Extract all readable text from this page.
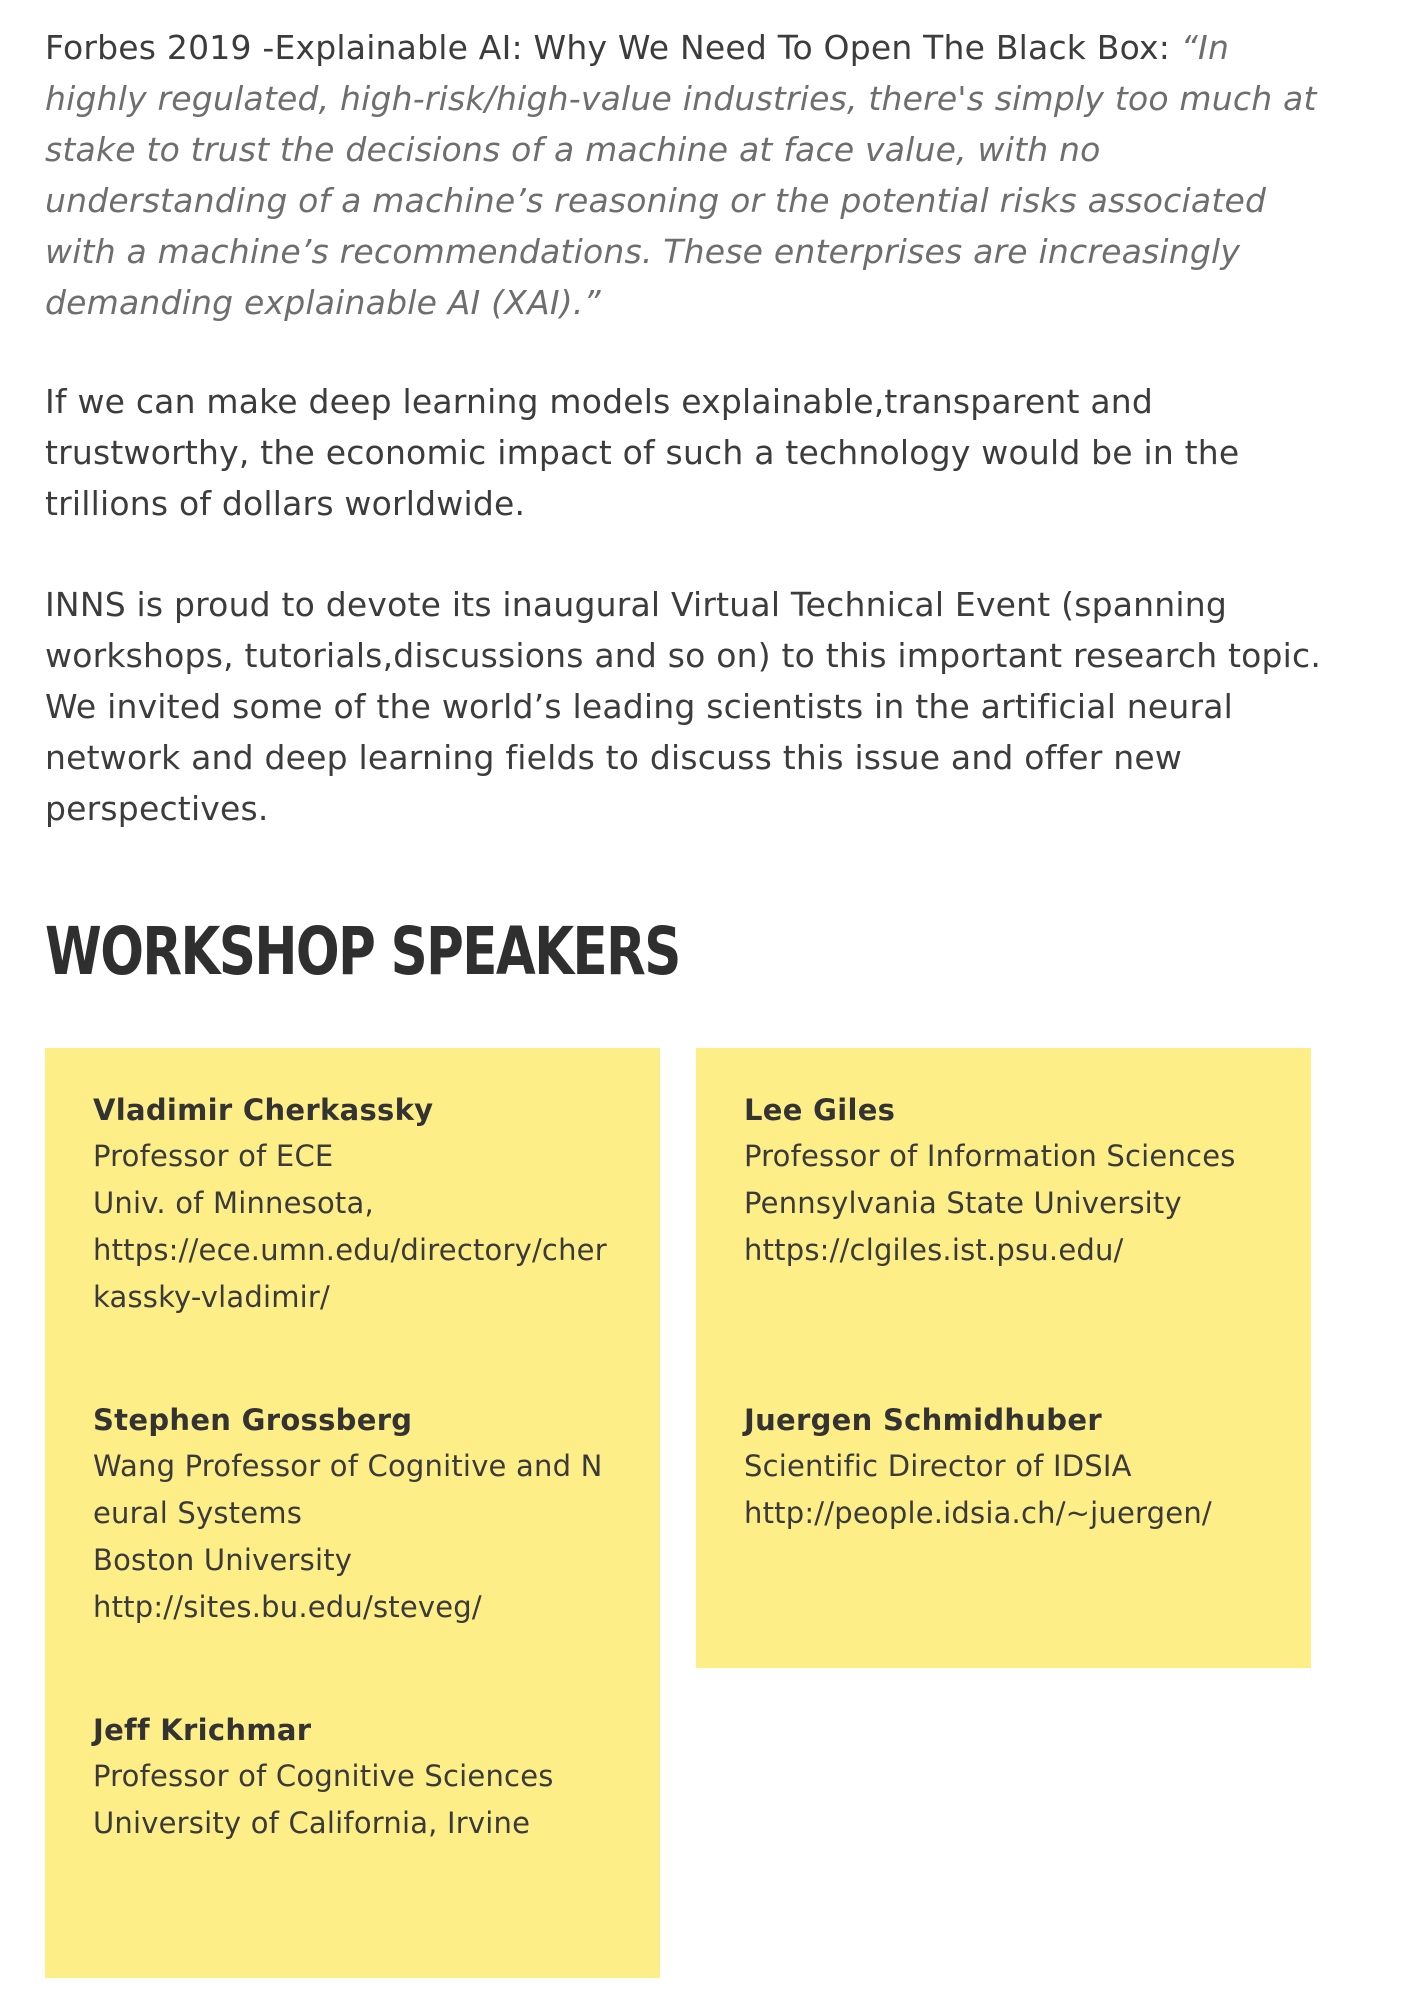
Forbes 2019 -Explainable AI: Why We Need To Open The Black Box: “In highly regulated, high-risk/high-value industries, there's simply too much at stake to trust the decisions of a machine at face value, with no understanding of a machine’s reasoning or the potential risks associated with a machine’s recommendations. These enterprises are increasingly demanding explainable AI (XAI).”

If we can make deep learning models explainable,transparent and trustworthy, the economic impact of such a technology would be in the trillions of dollars worldwide.

INNS is proud to devote its inaugural Virtual Technical Event (spanning workshops, tutorials,discussions and so on) to this important research topic. We invited some of the world’s leading scientists in the artificial neural network and deep learning fields to discuss this issue and offer new perspectives.

WORKSHOP SPEAKERS
Vladimir Cherkassky
Professor of ECE
Univ. of Minnesota,
https://ece.umn.edu/directory/cherkassky-vladimir/
Lee Giles
Professor of Information Sciences
Pennsylvania State University
https://clgiles.ist.psu.edu/
Stephen Grossberg
Wang Professor of Cognitive and Neural Systems
Boston University
http://sites.bu.edu/steveg/
Juergen Schmidhuber
Scientific Director of IDSIA
http://people.idsia.ch/~juergen/
Jeff Krichmar
Professor of Cognitive Sciences
University of California, Irvine
